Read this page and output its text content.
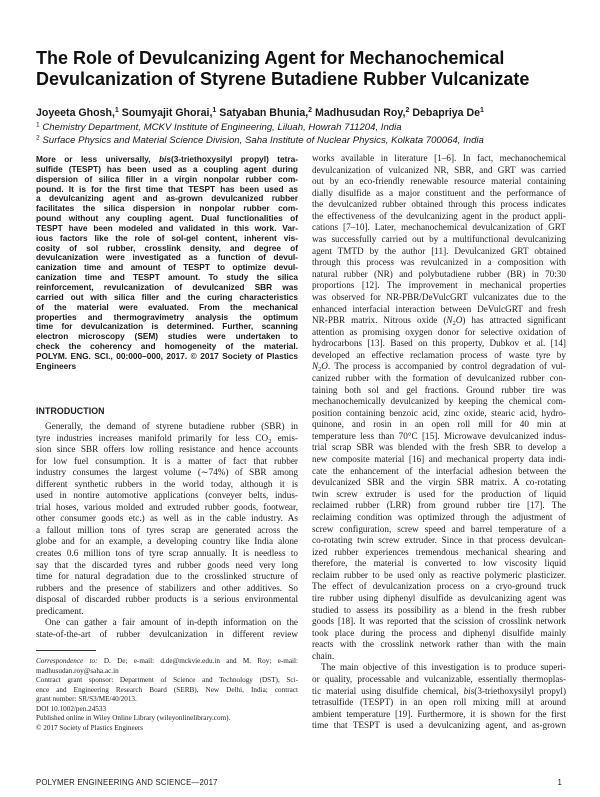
The Role of Devulcanizing Agent for Mechanochemical
Devulcanization of Styrene Butadiene Rubber Vulcanizate
Joyeeta Ghosh,$^1$ Soumyajit Ghorai,$^1$ Satyaban Bhunia,$^2$ Madhusudan Roy,$^2$ Debapriya De$^1$
$^1$ Chemistry Department, MCKV Institute of Engineering, Liluah, Howrah 711204, India
$^2$ Surface Physics and Material Science Division, Saha Institute of Nuclear Physics, Kolkata 700064, India
More or less universally, bis(3-triethoxysilyl propyl) tetra-
sulfide (TESPT) has been used as a coupling agent during
dispersion of silica filler in a virgin nonpolar rubber com-
pound. It is for the first time that TESPT has been used as
a devulcanizing agent and as-grown devulcanized rubber
facilitates the silica dispersion in nonpolar rubber com-
pound without any coupling agent. Dual functionalities of
TESPT have been modeled and validated in this work. Var-
ious factors like the role of sol-gel content, inherent vis-
cosity of sol rubber, crosslink density, and degree of
devulcanization were investigated as a function of devul-
canization time and amount of TESPT to optimize devul-
canization time and TESPT amount. To study the silica
reinforcement, revulcanization of devulcanized SBR was
carried out with silica filler and the curing characteristics
of the material were evaluated. From the mechanical
properties and thermogravimetry analysis the optimum
time for devulcanization is determined. Further, scanning
electron microscopy (SEM) studies were undertaken to
check the coherency and homogeneity of the material.
POLYM. ENG. SCI., 00:000–000, 2017. © 2017 Society of Plastics
Engineers
INTRODUCTION
Generally, the demand of styrene butadiene rubber (SBR) in
tyre industries increases manifold primarily for less $CO_2$ emis-
sion since SBR offers low rolling resistance and hence accounts
for low fuel consumption. It is a matter of fact that rubber
industry consumes the largest volume (∼74%) of SBR among
different synthetic rubbers in the world today, although it is
used in nontire automotive applications (conveyer belts, indus-
trial hoses, various molded and extruded rubber goods, footwear,
other consumer goods etc.) as well as in the cable industry. As
a fallout million tons of tyres scrap are generated across the
globe and for an example, a developing country like India alone
creates 0.6 million tons of tyre scrap annually. It is needless to
say that the discarded tyres and rubber goods need very long
time for natural degradation due to the crosslinked structure of
rubbers and the presence of stabilizers and other additives. So
disposal of discarded rubber products is a serious environmental
predicament.
One can gather a fair amount of in-depth information on the
state-of-the-art of rubber devulcanization in different review
Correspondence to: D. De; e-mail: d.de@mckvie.edu.in and M. Roy; e-mail:
madhusudan.roy@saha.ac.in
Contract grant sponsor: Department of Science and Technology (DST), Sci-
ence and Engineering Research Board (SERB), New Delhi, India; contract
grant number: SR/S3/ME/40/2013.
DOI 10.1002/pen.24533
Published online in Wiley Online Library (wileyonlinelibrary.com).
© 2017 Society of Plastics Engineers
works available in literature [1–6]. In fact, mechanochemical
devulcanization of vulcanized NR, SBR, and GRT was carried
out by an eco-friendly renewable resource material containing
dially disulfide as a major constituent and the performance of
the devulcanized rubber obtained through this process indicates
the effectiveness of the devulcanizing agent in the product appli-
cations [7–10]. Later, mechanochemical devulcanization of GRT
was successfully carried out by a multifunctional devulcanizing
agent TMTD by the author [11]. Devulcanized GRT obtained
through this process was revulcanized in a composition with
natural rubber (NR) and polybutadiene rubber (BR) in 70:30
proportions [12]. The improvement in mechanical properties
was observed for NR-PBR/DeVulcGRT vulcanizates due to the
enhanced interfacial interaction between DeVulcGRT and fresh
NR-PBR matrix. Nitrous oxide $(N_2O)$ has attracted significant
attention as promising oxygen donor for selective oxidation of
hydrocarbons [13]. Based on this property, Dubkov et al. [14]
developed an effective reclamation process of waste tyre by
$N_2O$. The process is accompanied by control degradation of vul-
canized rubber with the formation of devulcanized rubber con-
taining both sol and gel fractions. Ground rubber tire was
mechanochemically devulcanized by keeping the chemical com-
position containing benzoic acid, zinc oxide, stearic acid, hydro-
quinone, and rosin in an open roll mill for 40 min at
temperature less than 70°C [15]. Microwave devulcanized indus-
trial scrap SBR was blended with the fresh SBR to develop a
new composite material [16] and mechanical property data indi-
cate the enhancement of the interfacial adhesion between the
devulcanized SBR and the virgin SBR matrix. A co-rotating
twin screw extruder is used for the production of liquid
reclaimed rubber (LRR) from ground rubber tire [17]. The
reclaiming condition was optimized through the adjustment of
screw configuration, screw speed and barrel temperature of a
co-rotating twin screw extruder. Since in that process devulcan-
ized rubber experiences tremendous mechanical shearing and
therefore, the material is converted to low viscosity liquid
reclaim rubber to be used only as reactive polymeric plasticizer.
The effect of devulcanization process on a cryo-ground truck
tire rubber using diphenyl disulfide as devulcanizing agent was
studied to assess its possibility as a blend in the fresh rubber
goods [18]. It was reported that the scission of crosslink network
took place during the process and diphenyl disulfide mainly
reacts with the crosslink network rather than with the main
chain.
The main objective of this investigation is to produce superi-
or quality, processable and vulcanizable, essentially thermoplas-
tic material using disulfide chemical, bis(3-triethoxysilyl propyl)
tetrasulfide (TESPT) in an open roll mixing mill at around
ambient temperature [19]. Furthermore, it is shown for the first
time that TESPT is used a devulcanizing agent, and as-grown
POLYMER ENGINEERING AND SCIENCE—2017	1
